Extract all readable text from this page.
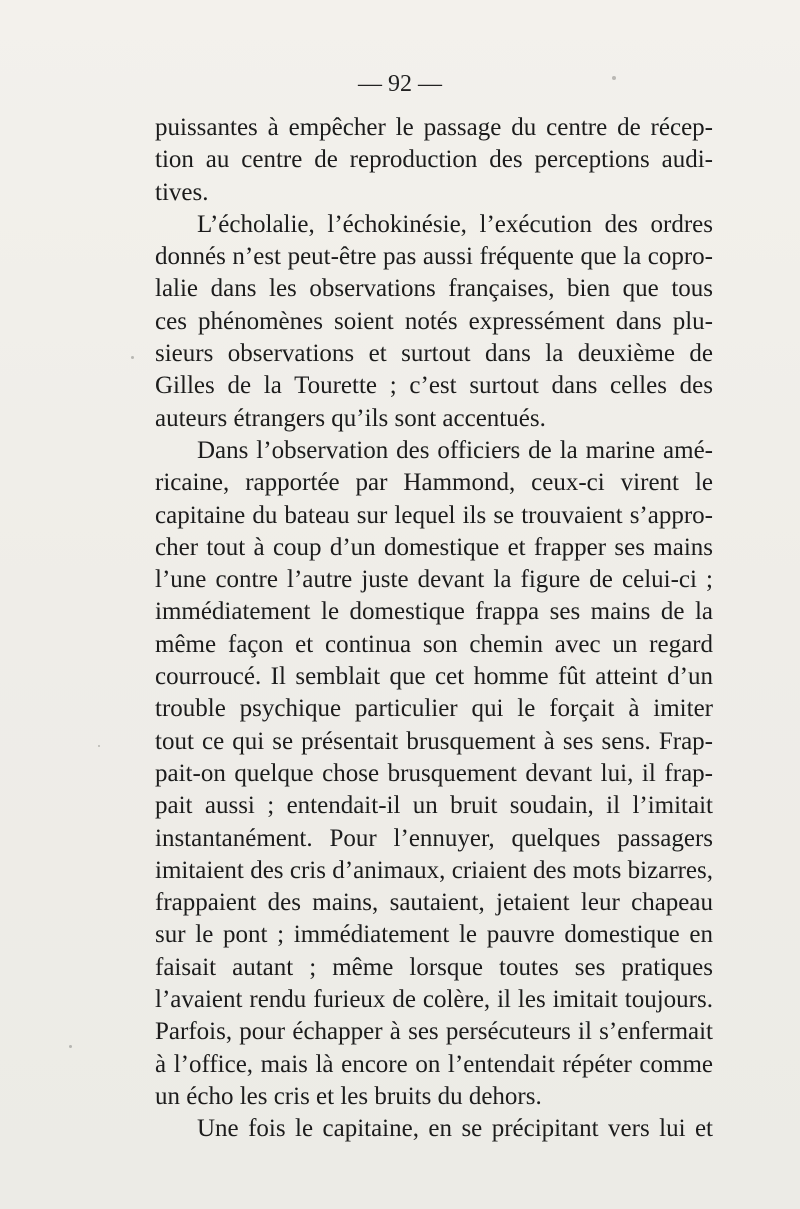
— 92 —
puissantes à empêcher le passage du centre de récep-
tion au centre de reproduction des perceptions audi-
tives.
L’écholalie, l’échokinésie, l’exécution des ordres
donnés n’est peut-être pas aussi fréquente que la copro-
lalie dans les observations françaises, bien que tous
ces phénomènes soient notés expressément dans plu-
sieurs observations et surtout dans la deuxième de
Gilles de la Tourette ; c’est surtout dans celles des
auteurs étrangers qu’ils sont accentués.
Dans l’observation des officiers de la marine amé-
ricaine, rapportée par Hammond, ceux-ci virent le
capitaine du bateau sur lequel ils se trouvaient s’appro-
cher tout à coup d’un domestique et frapper ses mains
l’une contre l’autre juste devant la figure de celui-ci ;
immédiatement le domestique frappa ses mains de la
même façon et continua son chemin avec un regard
courroucé. Il semblait que cet homme fût atteint d’un
trouble psychique particulier qui le forçait à imiter
tout ce qui se présentait brusquement à ses sens. Frap-
pait-on quelque chose brusquement devant lui, il frap-
pait aussi ; entendait-il un bruit soudain, il l’imitait
instantanément. Pour l’ennuyer, quelques passagers
imitaient des cris d’animaux, criaient des mots bizarres,
frappaient des mains, sautaient, jetaient leur chapeau
sur le pont ; immédiatement le pauvre domestique en
faisait autant ; même lorsque toutes ses pratiques
l’avaient rendu furieux de colère, il les imitait toujours.
Parfois, pour échapper à ses persécuteurs il s’enfermait
à l’office, mais là encore on l’entendait répéter comme
un écho les cris et les bruits du dehors.
Une fois le capitaine, en se précipitant vers lui et
